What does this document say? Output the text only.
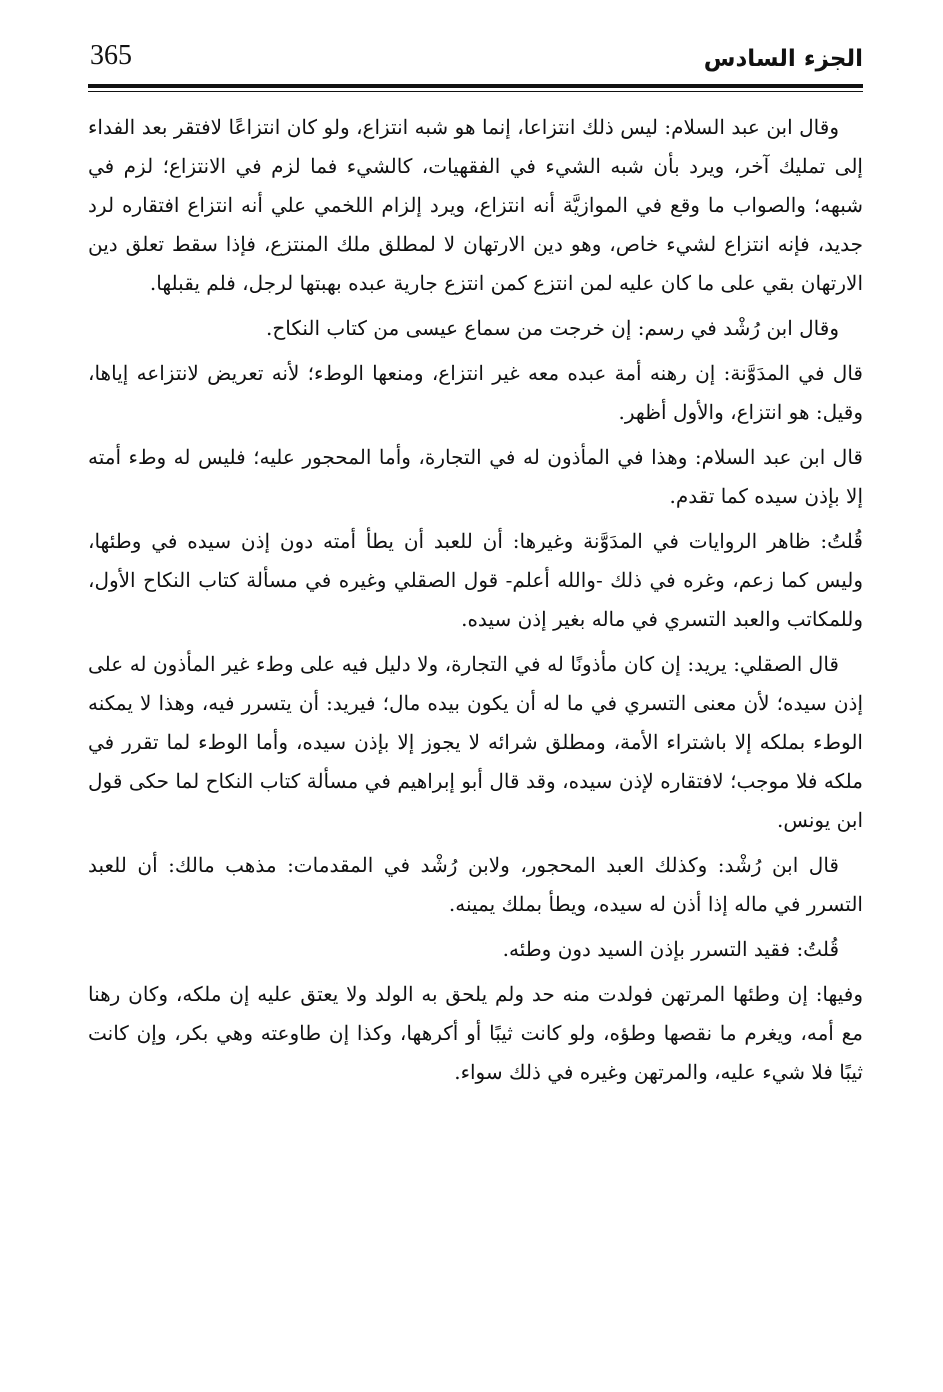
365	الجزء السادس

وقال ابن عبد السلام: ليس ذلك انتزاعا، إنما هو شبه انتزاع، ولو كان انتزاعًا لافتقر بعد الفداء إلى تمليك آخر، ويرد بأن شبه الشيء في الفقهيات، كالشيء فما لزم في الانتزاع؛ لزم في شبهه؛ والصواب ما وقع في الموازيَّة أنه انتزاع، ويرد إلزام اللخمي علي أنه انتزاع افتقاره لرد جديد، فإنه انتزاع لشيء خاص، وهو دين الارتهان لا لمطلق ملك المنتزع، فإذا سقط تعلق دين الارتهان بقي على ما كان عليه لمن انتزع كمن انتزع جارية عبده بهبتها لرجل، فلم يقبلها.

وقال ابن رُشْد في رسم: إن خرجت من سماع عيسى من كتاب النكاح.

قال في المدَوَّنة: إن رهنه أمة عبده معه غير انتزاع، ومنعها الوطء؛ لأنه تعريض لانتزاعه إياها، وقيل: هو انتزاع، والأول أظهر.

قال ابن عبد السلام: وهذا في المأذون له في التجارة، وأما المحجور عليه؛ فليس له وطء أمته إلا بإذن سيده كما تقدم.

قُلتُ: ظاهر الروايات في المدَوَّنة وغيرها: أن للعبد أن يطأ أمته دون إذن سيده في وطئها، وليس كما زعم، وغره في ذلك -والله أعلم- قول الصقلي وغيره في مسألة كتاب النكاح الأول، وللمكاتب والعبد التسري في ماله بغير إذن سيده.

قال الصقلي: يريد: إن كان مأذونًا له في التجارة، ولا دليل فيه على وطء غير المأذون له على إذن سيده؛ لأن معنى التسري في ما له أن يكون بيده مال؛ فيريد: أن يتسرر فيه، وهذا لا يمكنه الوطء بملكه إلا باشتراء الأمة، ومطلق شرائه لا يجوز إلا بإذن سيده، وأما الوطء لما تقرر في ملكه فلا موجب؛ لافتقاره لإذن سيده، وقد قال أبو إبراهيم في مسألة كتاب النكاح لما حكى قول ابن يونس.

قال ابن رُشْد: وكذلك العبد المحجور، ولابن رُشْد في المقدمات: مذهب مالك: أن للعبد التسرر في ماله إذا أذن له سيده، ويطأ بملك يمينه.

قُلتُ: فقيد التسرر بإذن السيد دون وطئه.

وفيها: إن وطئها المرتهن فولدت منه حد ولم يلحق به الولد ولا يعتق عليه إن ملكه، وكان رهنا مع أمه، ويغرم ما نقصها وطؤه، ولو كانت ثيبًا أو أكرهها، وكذا إن طاوعته وهي بكر، وإن كانت ثيبًا فلا شيء عليه، والمرتهن وغيره في ذلك سواء.
